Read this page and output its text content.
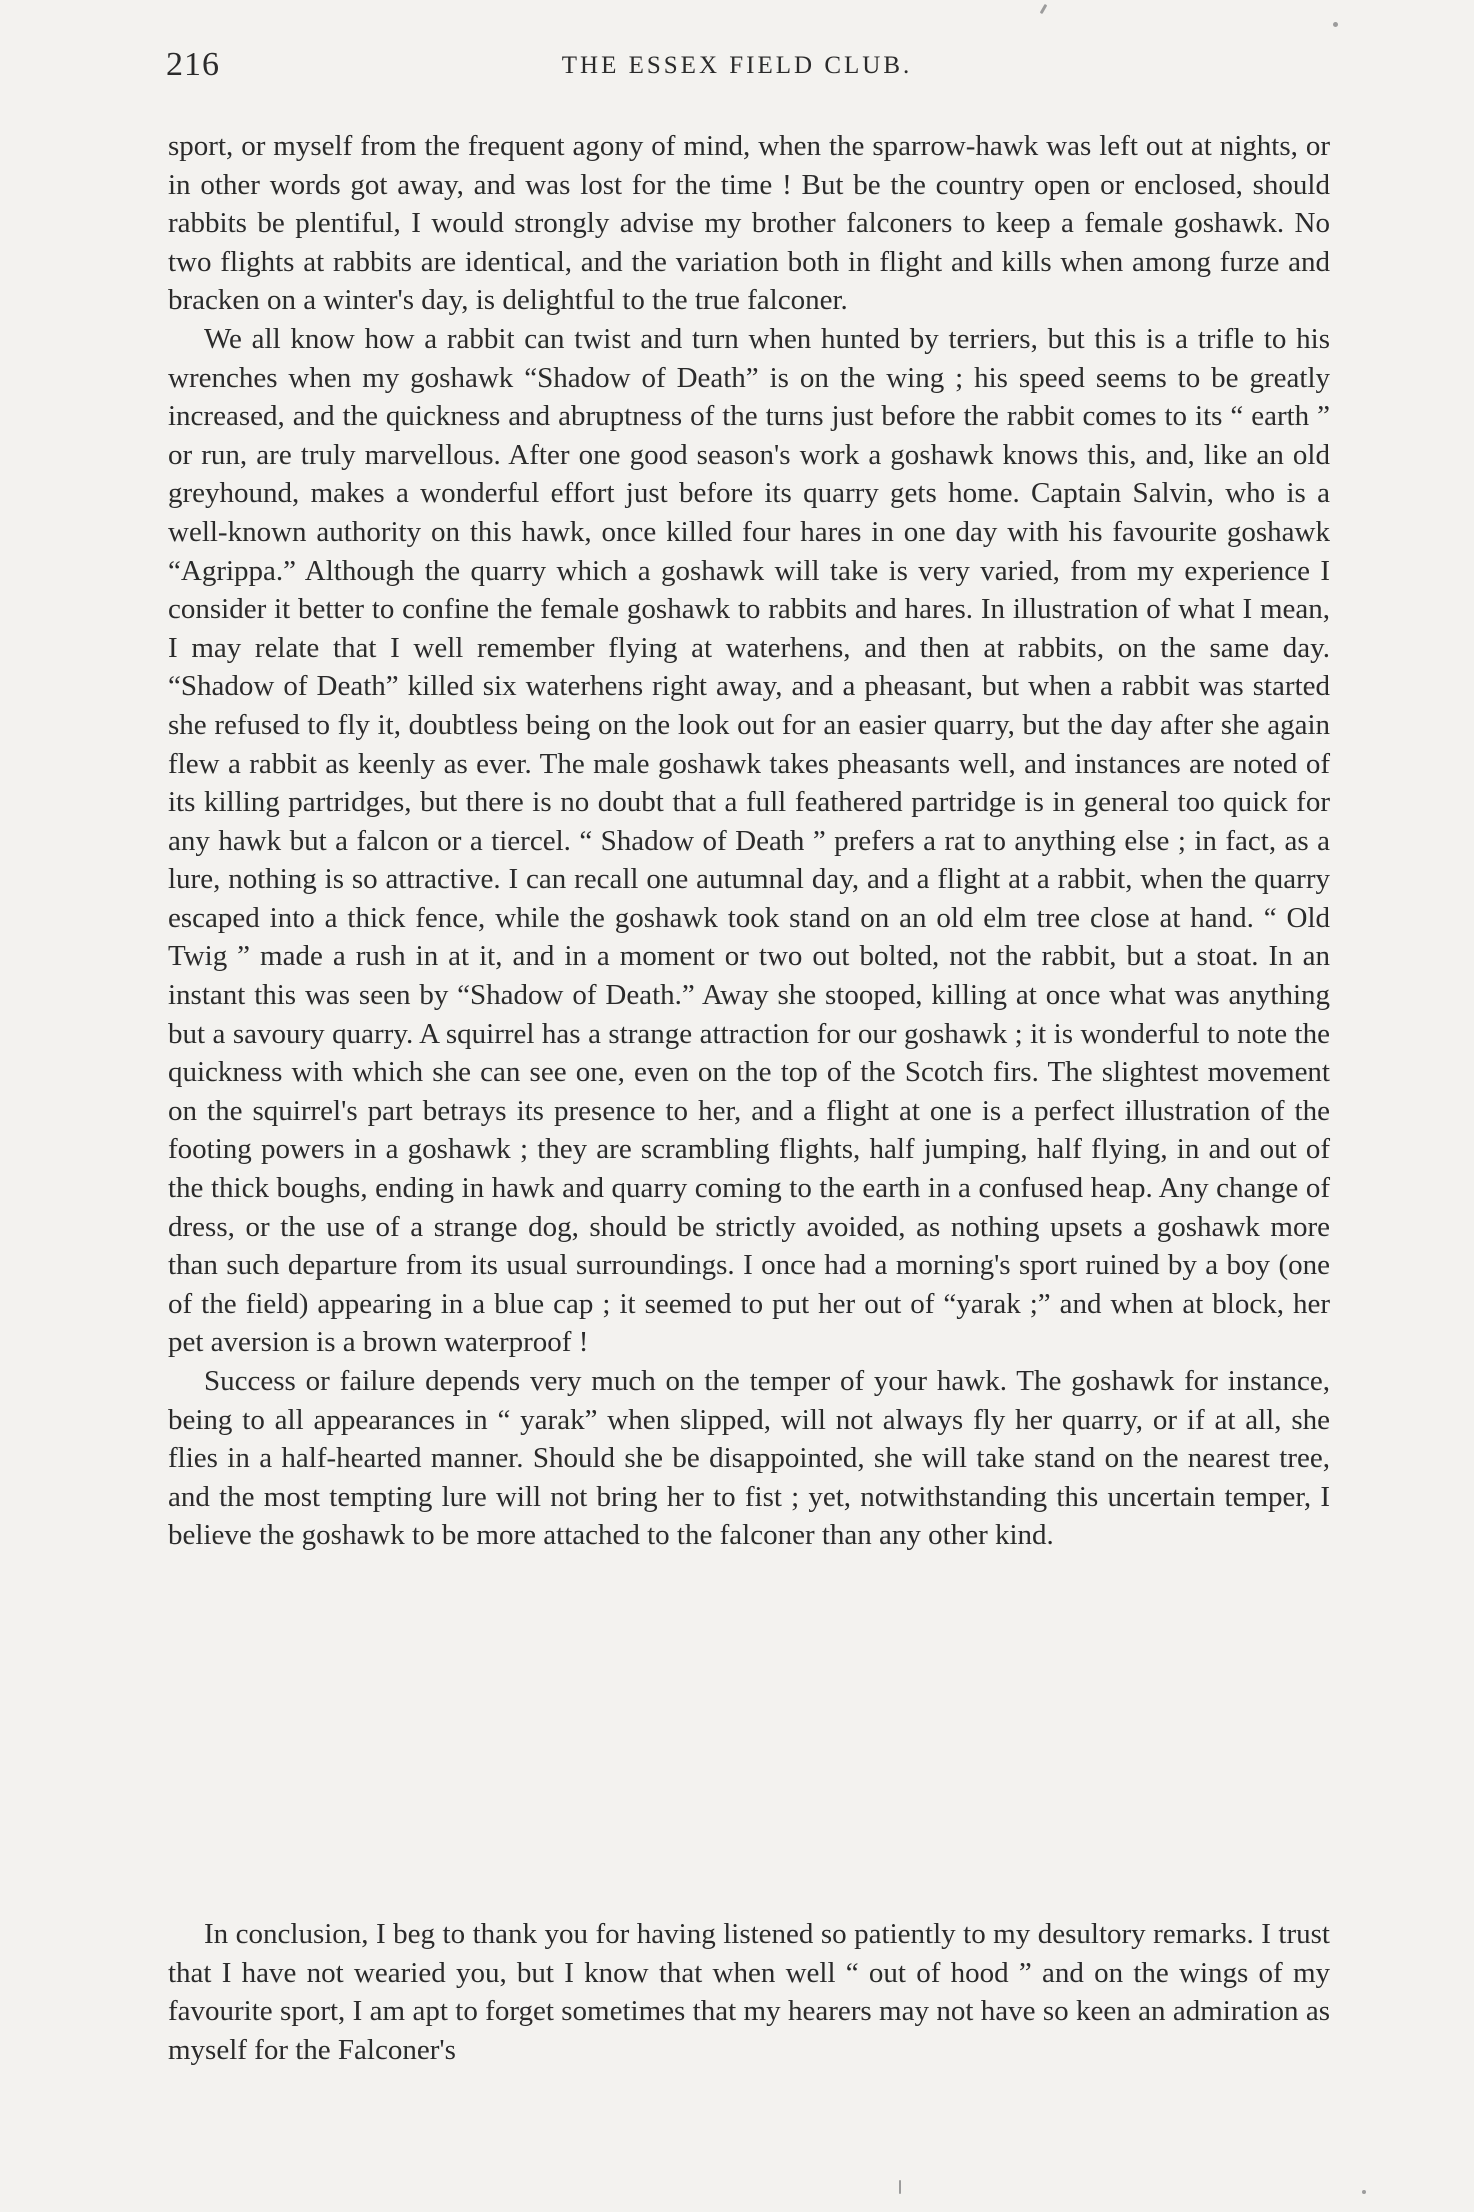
216	THE ESSEX FIELD CLUB.

sport, or myself from the frequent agony of mind, when the sparrow-hawk was left out at nights, or in other words got away, and was lost for the time ! But be the country open or enclosed, should rabbits be plentiful, I would strongly advise my brother falconers to keep a female goshawk. No two flights at rabbits are identical, and the variation both in flight and kills when among furze and bracken on a winter's day, is delightful to the true falconer.

We all know how a rabbit can twist and turn when hunted by terriers, but this is a trifle to his wrenches when my goshawk “Shadow of Death” is on the wing ; his speed seems to be greatly increased, and the quickness and abruptness of the turns just before the rabbit comes to its “ earth ” or run, are truly marvellous. After one good season's work a goshawk knows this, and, like an old greyhound, makes a wonderful effort just before its quarry gets home. Captain Salvin, who is a well-known authority on this hawk, once killed four hares in one day with his favourite goshawk “Agrippa.” Although the quarry which a goshawk will take is very varied, from my experience I consider it better to confine the female goshawk to rabbits and hares. In illustration of what I mean, I may relate that I well remember flying at waterhens, and then at rabbits, on the same day. “Shadow of Death” killed six waterhens right away, and a pheasant, but when a rabbit was started she refused to fly it, doubtless being on the look out for an easier quarry, but the day after she again flew a rabbit as keenly as ever. The male goshawk takes pheasants well, and instances are noted of its killing partridges, but there is no doubt that a full feathered partridge is in general too quick for any hawk but a falcon or a tiercel. “ Shadow of Death ” prefers a rat to anything else ; in fact, as a lure, nothing is so attractive. I can recall one autumnal day, and a flight at a rabbit, when the quarry escaped into a thick fence, while the goshawk took stand on an old elm tree close at hand. “ Old Twig ” made a rush in at it, and in a moment or two out bolted, not the rabbit, but a stoat. In an instant this was seen by “Shadow of Death.” Away she stooped, killing at once what was anything but a savoury quarry. A squirrel has a strange attraction for our goshawk ; it is wonderful to note the quickness with which she can see one, even on the top of the Scotch firs. The slightest movement on the squirrel's part betrays its presence to her, and a flight at one is a perfect illustration of the footing powers in a goshawk ; they are scrambling flights, half jumping, half flying, in and out of the thick boughs, ending in hawk and quarry coming to the earth in a confused heap. Any change of dress, or the use of a strange dog, should be strictly avoided, as nothing upsets a goshawk more than such departure from its usual surroundings. I once had a morning's sport ruined by a boy (one of the field) appearing in a blue cap ; it seemed to put her out of “yarak ;” and when at block, her pet aversion is a brown waterproof !

Success or failure depends very much on the temper of your hawk. The goshawk for instance, being to all appearances in “ yarak” when slipped, will not always fly her quarry, or if at all, she flies in a half-hearted manner. Should she be disappointed, she will take stand on the nearest tree, and the most tempting lure will not bring her to fist ; yet, notwithstanding this uncertain temper, I believe the goshawk to be more attached to the falconer than any other kind.

In conclusion, I beg to thank you for having listened so patiently to my desultory remarks. I trust that I have not wearied you, but I know that when well “ out of hood ” and on the wings of my favourite sport, I am apt to forget sometimes that my hearers may not have so keen an admiration as myself for the Falconer's
